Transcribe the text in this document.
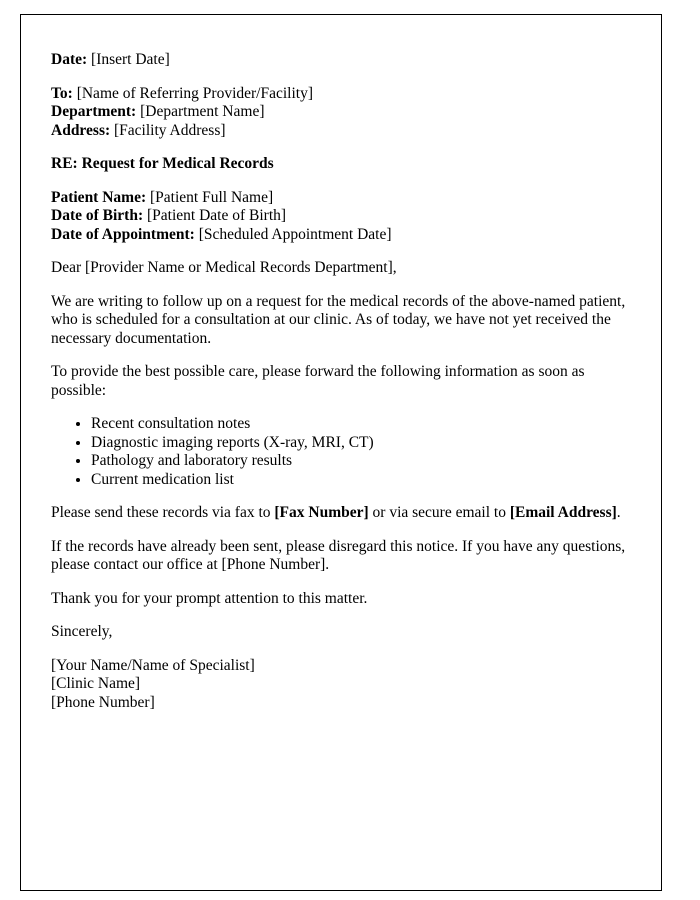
Date: [Insert Date]
To: [Name of Referring Provider/Facility]
Department: [Department Name]
Address: [Facility Address]
RE: Request for Medical Records
Patient Name: [Patient Full Name]
Date of Birth: [Patient Date of Birth]
Date of Appointment: [Scheduled Appointment Date]

Dear [Provider Name or Medical Records Department],

We are writing to follow up on a request for the medical records of the above-named patient, who is scheduled for a consultation at our clinic. As of today, we have not yet received the necessary documentation.

To provide the best possible care, please forward the following information as soon as possible:

• Recent consultation notes
• Diagnostic imaging reports (X-ray, MRI, CT)
• Pathology and laboratory results
• Current medication list

Please send these records via fax to [Fax Number] or via secure email to [Email Address].

If the records have already been sent, please disregard this notice. If you have any questions, please contact our office at [Phone Number].

Thank you for your prompt attention to this matter.

Sincerely,

[Your Name/Name of Specialist]
[Clinic Name]
[Phone Number]
